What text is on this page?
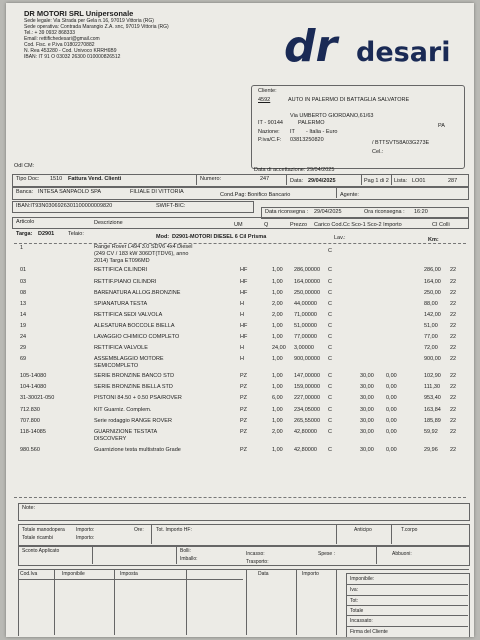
DR MOTORI SRL Unipersonale
Sede legale: Via Strada per Gela n.16, 97019 Vittoria (RG)
Sede operativa: Contrada Marangio Z.A. snc, 97019 Vittoria (RG)
Tel.: + 39 0932 868333
Email: rettifichedesari@gmail.com
Cod. Fisc. e P.iva 01802270882
N. Rea 453280 - Cod. Univoco KRRH6B9
IBAN: IT 91 O 03032 26300 010000826512	dr desari
Cliente:
4592	AUTO IN PALERMO DI BATTAGLIA SALVATORE
Via UMBERTO GIORDANO,61/63
IT - 90144	PALERMO	PA
Nazione: IT - Italia - Euro
P.iva/C.F: 03813250820	/ BTTSVT58A03G273E
Cel.:
Odl CM:
Data di accettazione: 29/04/2025
Tipo Doc: 1510 Fattura Vend. Clienti	Numero:	247	Data: 29/04/2025	Pag 1 di 2 Lista: LO01	287
Banca: INTESA SANPAOLO SPA	FILIALE DI VITTORIA	Cond.Pag: Bonifico Bancario	Agente:
IBAN:IT93N0306926301100000009820	SWIFT-BIC:
Data riconsegna : 29/04/2025	Ora riconsegna : 16:20
Articolo	Descrizione	UM	Q	Prezzo Carico Cod.Cc Sco-1 Sco-2 Importo	CI Colli
Targa: D2901	Telaio:	Mod: D2901-MOTORI DIESEL 6 Cil Prisma	Lav.:	Km:
1	Range Rover L494 3.0 SDV6 4x4 Diesel
(249 CV / 183 kW 306DT(TDV6), anno
2014) Targa ET096MD
C
Note:
Totale manodopera Importo:
Totale ricambi	Importo:
Ore: Tot. Importo HF:	Anticipo	T.corpo
Sconto Applicato	Bolli:	Incasso:	Spese :	Abbuoni:
Imballo:	Trasporto:
Cod.Iva	Imponibile	Imposta	Data	Importo
Imponibile:
Iva:
Tot:
Totale
Incassato:
Firma del Cliente
01	RETTIFICA CILINDRI	HF	1,00 286,00000 C	286,00 22
03	RETTIF.PIANO CILINDRI	HF	1,00 164,00000 C	164,00 22
08	BARENATURA ALLOG.BRONZINE	HF	1,00 250,00000 C	250,00 22
13	SPIANATURA TESTA	H	2,00 44,00000 C	88,00 22
14	RETTIFICA SEDI VALVOLA	H	2,00 71,00000 C	142,00 22
19	ALESATURA BOCCOLE BIELLA	HF	1,00 51,00000 C	51,00 22
24	LAVAGGIO CHIMICO COMPLETO	HF	1,00 77,00000 C	77,00 22
29	RETTIFICA VALVOLE	H	24,00 3,00000	C	72,00 22
69	ASSEMBLAGGIO MOTORE
SEMICOMPLETO
H	1,00 900,00000 C	900,00 22
105-14080	SERIE BRONZINE BANCO STD	PZ	1,00 147,00000 C	30,00 0,00	102,90 22
104-14080	SERIE BRONZINE BIELLA STD	PZ	1,00 159,00000 C	30,00 0,00	111,30 22
31-30021-050	PISTONI 84.50 + 0.50 PSA/ROVER	PZ	6,00 227,00000 C	30,00 0,00	953,40 22
712.830	KIT Guarniz. Complem.	PZ	1,00 234,05000 C	30,00 0,00	163,84 22
707.800	Serie rodaggio RANGE ROVER	PZ	1,00 265,55000 C	30,00 0,00	185,89 22
118-14085	GUARNIZIONE TESTATA
DISCOVERY
PZ	2,00 42,80000 C	30,00 0,00	59,92 22
980.560	Guarnizione testa multistrato Grade	PZ	1,00 42,80000 C	30,00 0,00	29,96 22
